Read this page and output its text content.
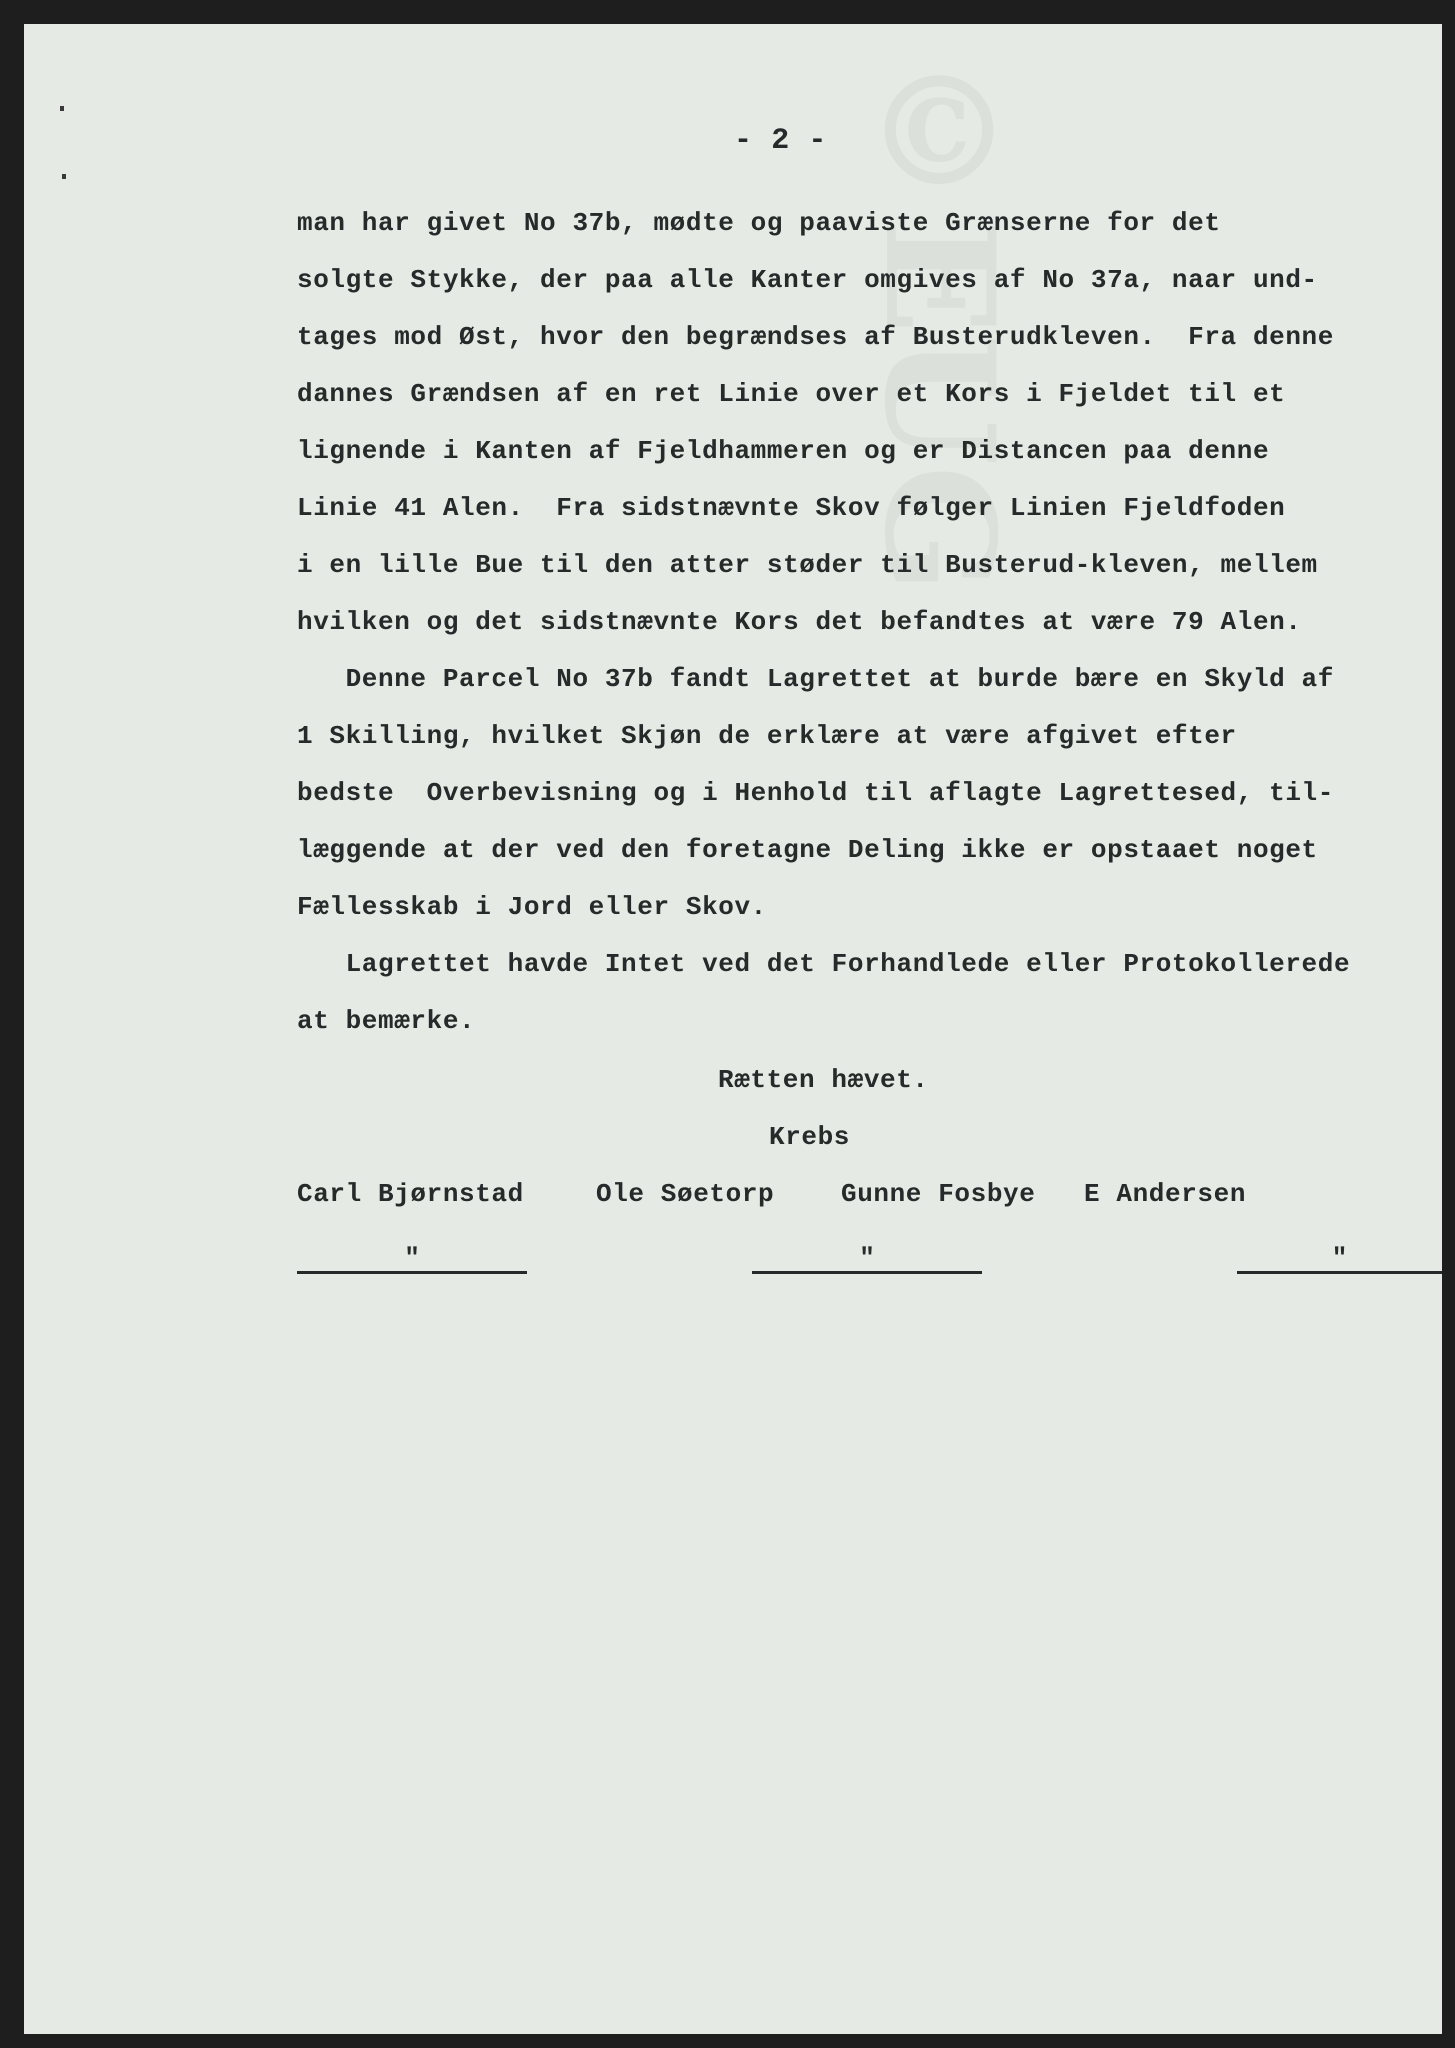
©EUG
- 2 -
man har givet No 37b, mødte og paaviste Grænserne for det
solgte Stykke, der paa alle Kanter omgives af No 37a, naar und-
tages mod Øst, hvor den begrændses af Busterudkleven.  Fra denne
dannes Grændsen af en ret Linie over et Kors i Fjeldet til et
lignende i Kanten af Fjeldhammeren og er Distancen paa denne
Linie 41 Alen.  Fra sidstnævnte Skov følger Linien Fjeldfoden
i en lille Bue til den atter støder til Busterud-kleven, mellem
hvilken og det sidstnævnte Kors det befandtes at være 79 Alen.
Denne Parcel No 37b fandt Lagrettet at burde bære en Skyld af
1 Skilling, hvilket Skjøn de erklære at være afgivet efter
bedste  Overbevisning og i Henhold til aflagte Lagrettesed, til-
læggende at der ved den foretagne Deling ikke er opstaaet noget
Fællesskab i Jord eller Skov.
Lagrettet havde Intet ved det Forhandlede eller Protokollerede
at bemærke.
Rætten hævet.
Krebs
Carl Bjørnstad	Ole Søetorp	Gunne Fosbye E Andersen
"	"	"
